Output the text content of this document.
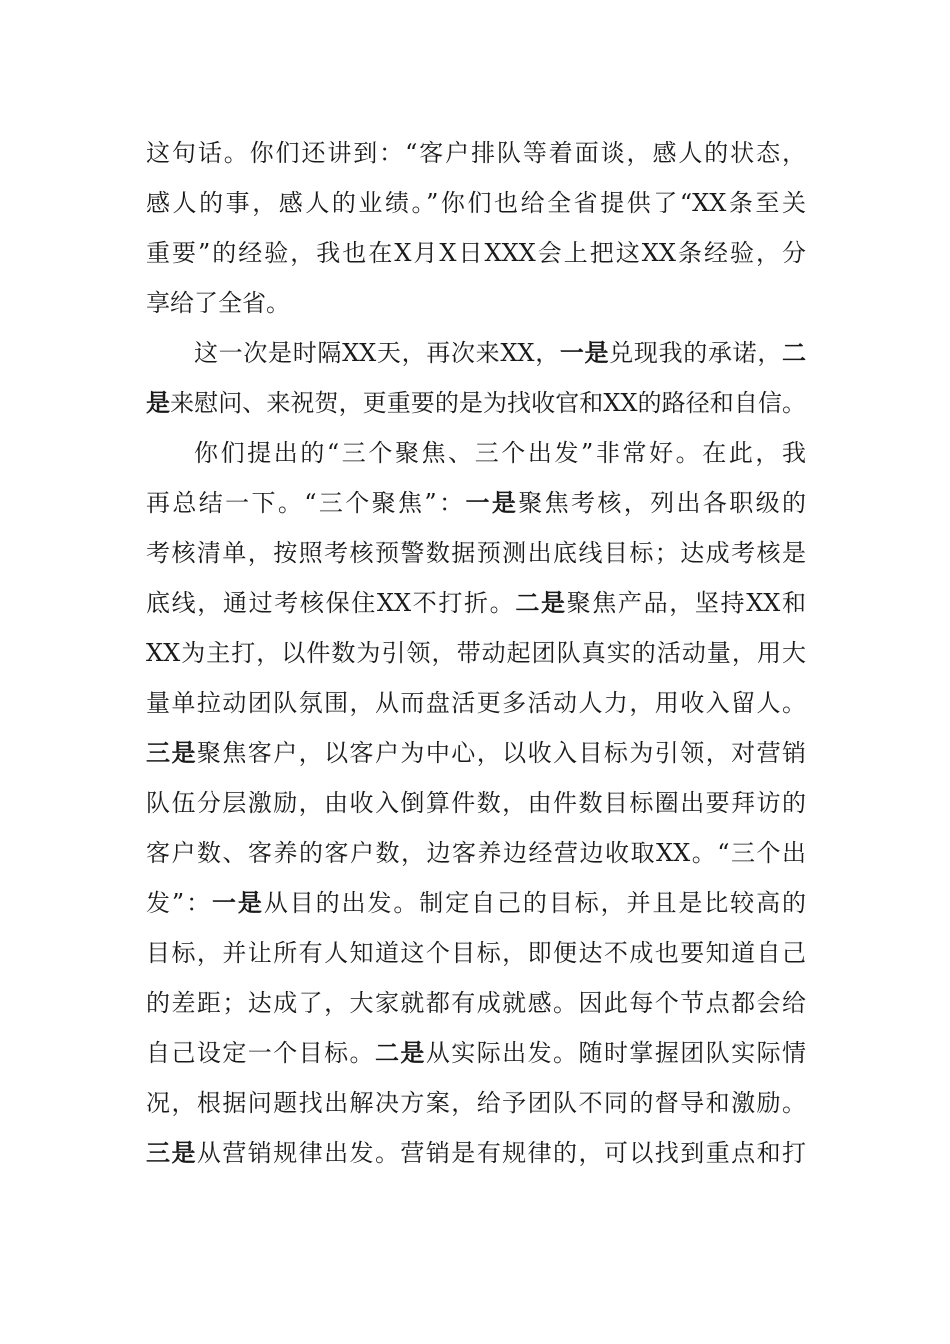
这句话。你们还讲到：“客户排队等着面谈，感人的状态，
感人的事，感人的业绩。”你们也给全省提供了“XX条至关
重要”的经验，我也在X月X日XXX会上把这XX条经验，分
享给了全省。
这一次是时隔XX天，再次来XX，一是兑现我的承诺，二
是来慰问、来祝贺，更重要的是为找收官和XX的路径和自信。
你们提出的“三个聚焦、三个出发”非常好。在此，我
再总结一下。“三个聚焦”：一是聚焦考核，列出各职级的
考核清单，按照考核预警数据预测出底线目标；达成考核是
底线，通过考核保住XX不打折。二是聚焦产品，坚持XX和
XX为主打，以件数为引领，带动起团队真实的活动量，用大
量单拉动团队氛围，从而盘活更多活动人力，用收入留人。
三是聚焦客户，以客户为中心，以收入目标为引领，对营销
队伍分层激励，由收入倒算件数，由件数目标圈出要拜访的
客户数、客养的客户数，边客养边经营边收取XX。“三个出
发”：一是从目的出发。制定自己的目标，并且是比较高的
目标，并让所有人知道这个目标，即便达不成也要知道自己
的差距；达成了，大家就都有成就感。因此每个节点都会给
自己设定一个目标。二是从实际出发。随时掌握团队实际情
况，根据问题找出解决方案，给予团队不同的督导和激励。
三是从营销规律出发。营销是有规律的，可以找到重点和打
